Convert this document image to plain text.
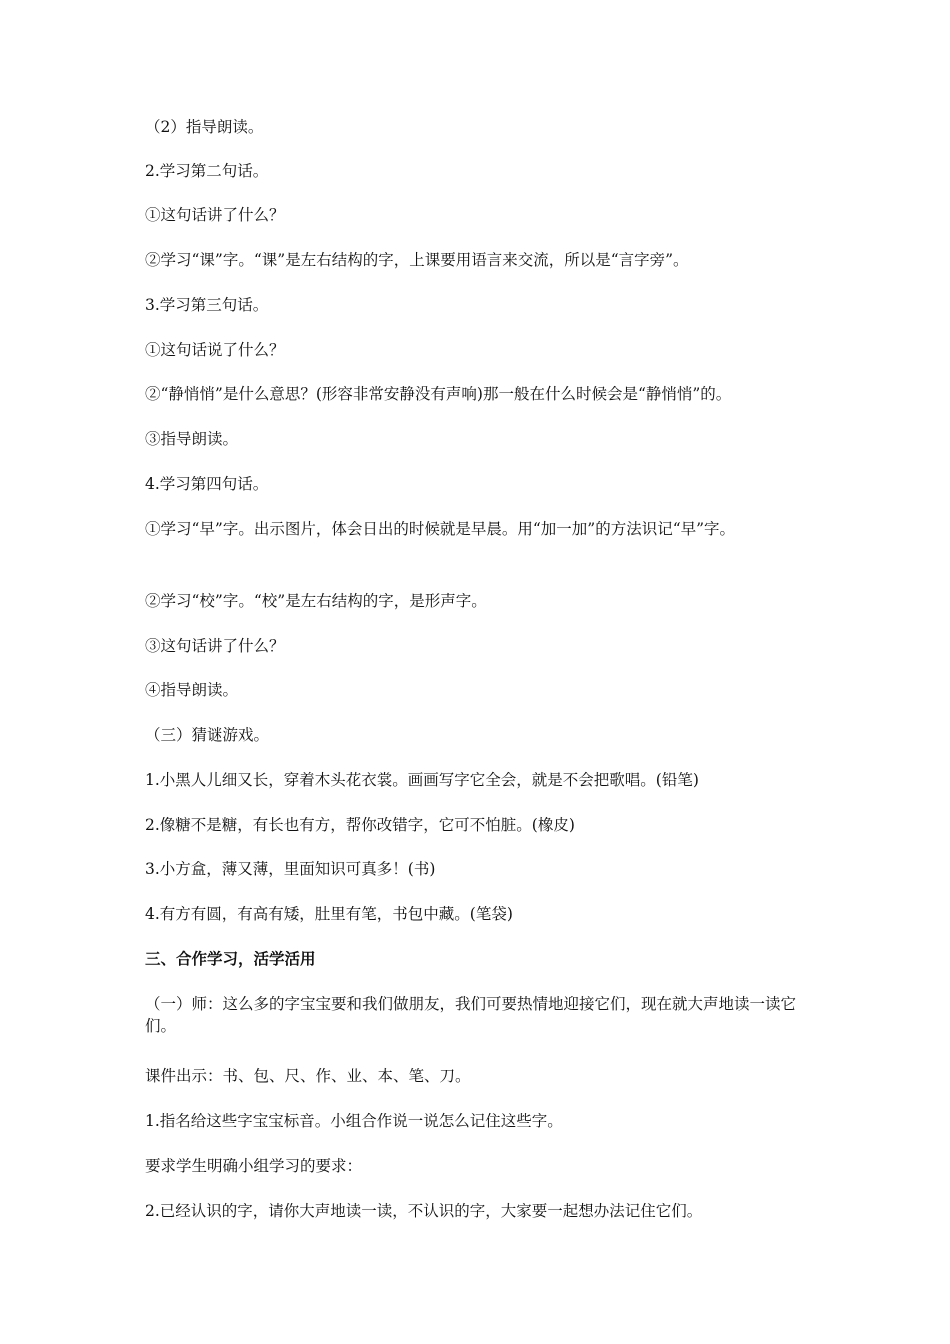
（2）指导朗读。
2.学习第二句话。
①这句话讲了什么？
②学习“课”字。“课”是左右结构的字，上课要用语言来交流，所以是“言字旁”。
3.学习第三句话。
①这句话说了什么？
②“静悄悄”是什么意思？(形容非常安静没有声响)那一般在什么时候会是“静悄悄”的。
③指导朗读。
4.学习第四句话。
①学习“早”字。出示图片，体会日出的时候就是早晨。用“加一加”的方法识记“早”字。
②学习“校”字。“校”是左右结构的字，是形声字。
③这句话讲了什么？
④指导朗读。
（三）猜谜游戏。
1.小黑人儿细又长，穿着木头花衣裳。画画写字它全会，就是不会把歌唱。(铅笔)
2.像糖不是糖，有长也有方，帮你改错字，它可不怕脏。(橡皮)
3.小方盒，薄又薄，里面知识可真多！(书)
4.有方有圆，有高有矮，肚里有笔，书包中藏。(笔袋)
三、合作学习，活学活用
（一）师：这么多的字宝宝要和我们做朋友，我们可要热情地迎接它们，现在就大声地读一读它们。
课件出示：书、包、尺、作、业、本、笔、刀。
1.指名给这些字宝宝标音。小组合作说一说怎么记住这些字。
要求学生明确小组学习的要求：
2.已经认识的字，请你大声地读一读，不认识的字，大家要一起想办法记住它们。
